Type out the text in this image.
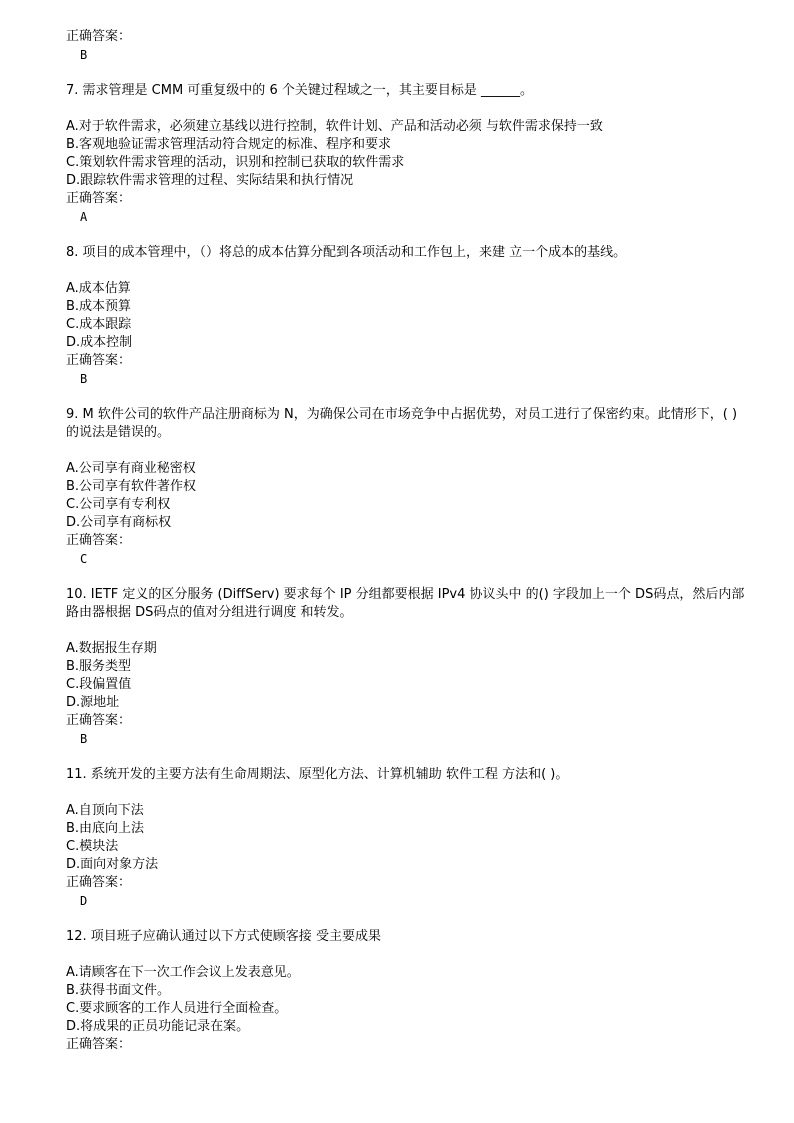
正确答案：
B
7. 需求管理是 CMM 可重复级中的 6 个关键过程域之一，其主要目标是 ______。
A.对于软件需求，必须建立基线以进行控制，软件计划、产品和活动必须 与软件需求保持一致
B.客观地验证需求管理活动符合规定的标准、程序和要求
C.策划软件需求管理的活动，识别和控制已获取的软件需求
D.跟踪软件需求管理的过程、实际结果和执行情况
正确答案：
A
8. 项目的成本管理中，（）将总的成本估算分配到各项活动和工作包上，来建 立一个成本的基线。
A.成本估算
B.成本预算
C.成本跟踪
D.成本控制
正确答案：
B
9. M 软件公司的软件产品注册商标为 N，为确保公司在市场竞争中占据优势，对员工进行了保密约束。此情形下，( )的说法是错误的。
A.公司享有商业秘密权
B.公司享有软件著作权
C.公司享有专利权
D.公司享有商标权
正确答案：
C
10. IETF 定义的区分服务 (DiffServ) 要求每个 IP 分组都要根据 IPv4 协议头中 的() 字段加上一个 DS码点，然后内部路由器根据 DS码点的值对分组进行调度 和转发。
A.数据报生存期
B.服务类型
C.段偏置值
D.源地址
正确答案：
B
11. 系统开发的主要方法有生命周期法、原型化方法、计算机辅助 软件工程 方法和( )。
A.自顶向下法
B.由底向上法
C.模块法
D.面向对象方法
正确答案：
D
12. 项目班子应确认通过以下方式使顾客接 受主要成果
A.请顾客在下一次工作会议上发表意见。
B.获得书面文件。
C.要求顾客的工作人员进行全面检查。
D.将成果的正员功能记录在案。
正确答案：
